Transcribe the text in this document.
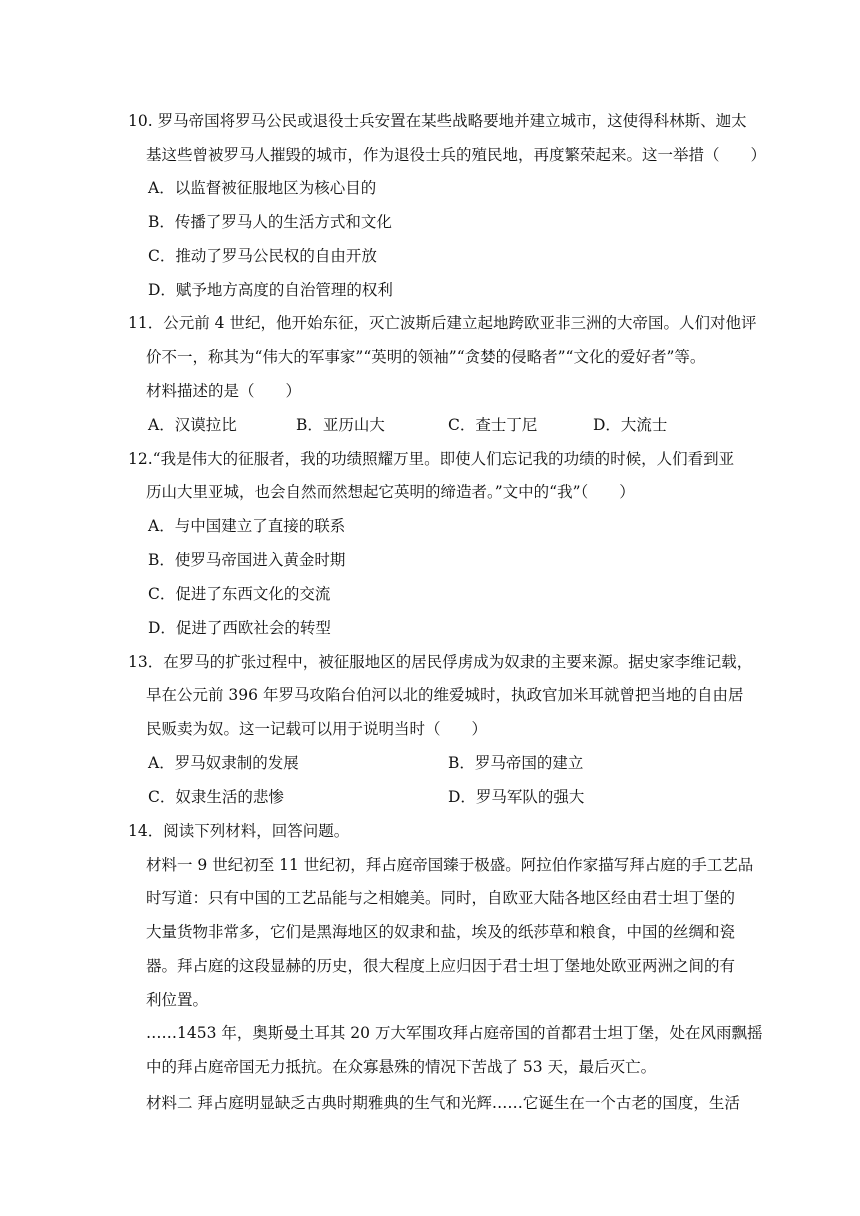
10. 罗马帝国将罗马公民或退役士兵安置在某些战略要地并建立城市，这使得科林斯、迦太
基这些曾被罗马人摧毁的城市，作为退役士兵的殖民地，再度繁荣起来。这一举措（　　）
A．以监督被征服地区为核心目的
B．传播了罗马人的生活方式和文化
C．推动了罗马公民权的自由开放
D．赋予地方高度的自治管理的权利
11．公元前 4 世纪，他开始东征，灭亡波斯后建立起地跨欧亚非三洲的大帝国。人们对他评
价不一，称其为“伟大的军事家”“英明的领袖”“贪婪的侵略者”“文化的爱好者”等。
材料描述的是（　　）
A．汉谟拉比	B．亚历山大	C．查士丁尼	D．大流士
12.“我是伟大的征服者，我的功绩照耀万里。即使人们忘记我的功绩的时候，人们看到亚
历山大里亚城，也会自然而然想起它英明的缔造者。”文中的“我”（　　）
A．与中国建立了直接的联系
B．使罗马帝国进入黄金时期
C．促进了东西文化的交流
D．促进了西欧社会的转型
13．在罗马的扩张过程中，被征服地区的居民俘虏成为奴隶的主要来源。据史家李维记载，
早在公元前 396 年罗马攻陷台伯河以北的维爱城时，执政官加米耳就曾把当地的自由居
民贩卖为奴。这一记载可以用于说明当时（　　）
A．罗马奴隶制的发展	B．罗马帝国的建立
C．奴隶生活的悲惨	D．罗马军队的强大
14．阅读下列材料，回答问题。
材料一 9 世纪初至 11 世纪初，拜占庭帝国臻于极盛。阿拉伯作家描写拜占庭的手工艺品
时写道：只有中国的工艺品能与之相媲美。同时，自欧亚大陆各地区经由君士坦丁堡的
大量货物非常多，它们是黑海地区的奴隶和盐，埃及的纸莎草和粮食，中国的丝绸和瓷
器。拜占庭的这段显赫的历史，很大程度上应归因于君士坦丁堡地处欧亚两洲之间的有
利位置。
……1453 年，奥斯曼土耳其 20 万大军围攻拜占庭帝国的首都君士坦丁堡，处在风雨飘摇
中的拜占庭帝国无力抵抗。在众寡悬殊的情况下苦战了 53 天，最后灭亡。
材料二 拜占庭明显缺乏古典时期雅典的生气和光辉……它诞生在一个古老的国度，生活
